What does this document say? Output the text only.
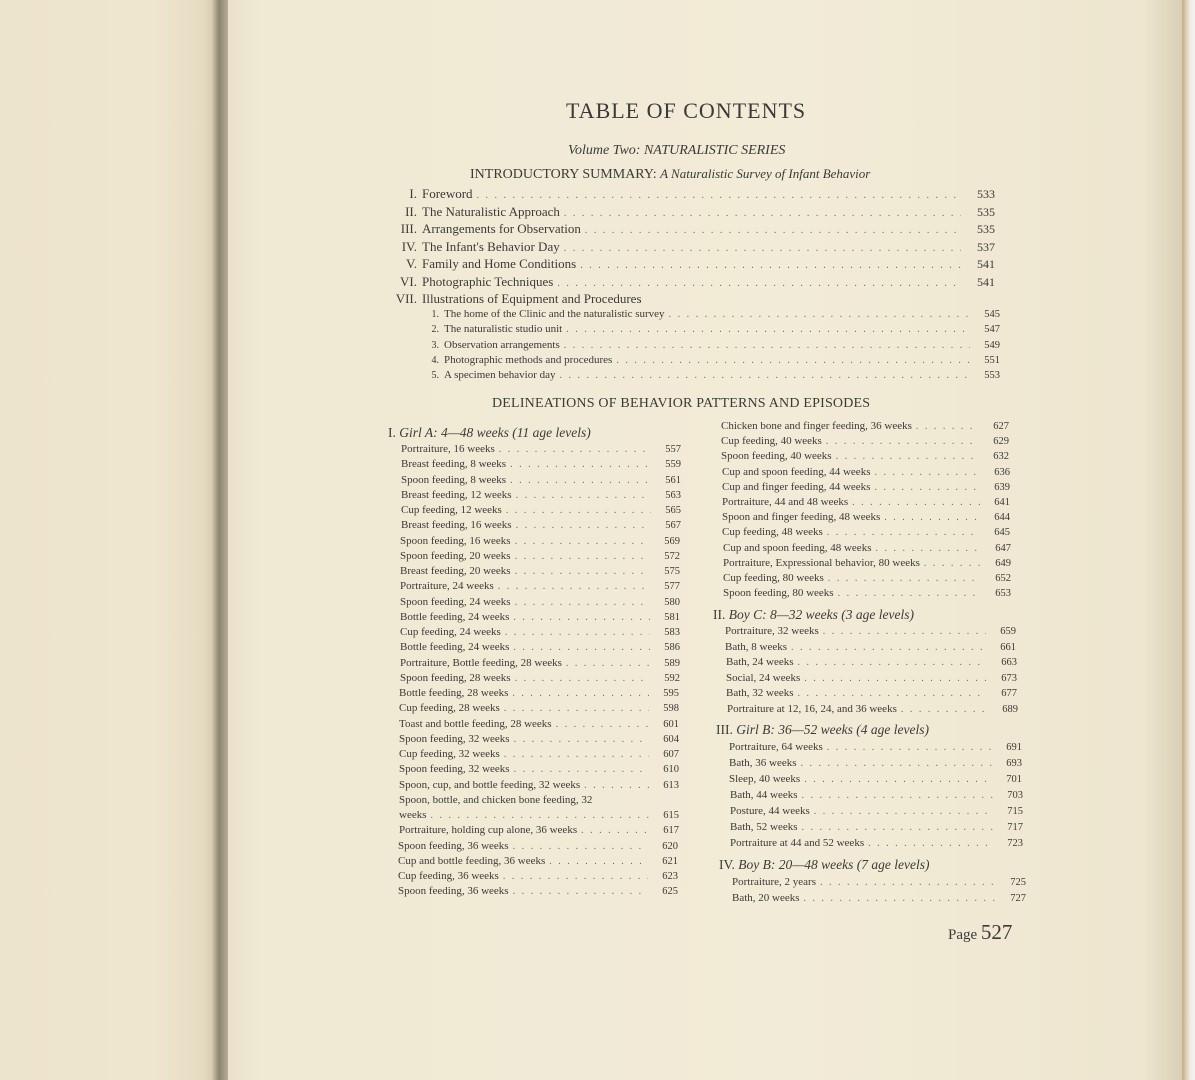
TABLE OF CONTENTS
Volume Two: NATURALISTIC SERIES
INTRODUCTORY SUMMARY: A Naturalistic Survey of Infant Behavior
I. Foreword . . .	533
II. The Naturalistic Approach . . .	535
III. Arrangements for Observation . . .	535
IV. The Infant's Behavior Day . . .	537
V. Family and Home Conditions . . .	541
VI. Photographic Techniques . . .	541
VII. Illustrations of Equipment and Procedures
1. The home of the Clinic and the naturalistic survey . . .	545
2. The naturalistic studio unit . . .	547
3. Observation arrangements . . .	549
4. Photographic methods and procedures . . .	551
5. A specimen behavior day . . .	553
DELINEATIONS OF BEHAVIOR PATTERNS AND EPISODES
I. Girl A: 4—48 weeks (11 age levels)
II. Boy C: 8—32 weeks (3 age levels)
III. Girl B: 36—52 weeks (4 age levels)
IV. Boy B: 20—48 weeks (7 age levels)
Portraiture, 16 weeks . . .	557
Breast feeding, 8 weeks . . .	559
Spoon feeding, 8 weeks . . .	561
Breast feeding, 12 weeks . . .	563
Cup feeding, 12 weeks . . .	565
Breast feeding, 16 weeks . . .	567
Spoon feeding, 16 weeks . . .	569
Spoon feeding, 20 weeks . . .	572
Breast feeding, 20 weeks . . .	575
Portraiture, 24 weeks . . .	577
Spoon feeding, 24 weeks . . .	580
Bottle feeding, 24 weeks . . .	581
Cup feeding, 24 weeks . . .	583
Bottle feeding, 24 weeks . . .	586
Portraiture, Bottle feeding, 28 weeks . . .	589
Spoon feeding, 28 weeks . . .	592
Bottle feeding, 28 weeks . . .	595
Cup feeding, 28 weeks . . .	598
Toast and bottle feeding, 28 weeks . . .	601
Spoon feeding, 32 weeks . . .	604
Cup feeding, 32 weeks . . .	607
Spoon feeding, 32 weeks . . .	610
Spoon, cup, and bottle feeding, 32 weeks . . .	613
Spoon, bottle, and chicken bone feeding, 32
weeks . . .	615
Portraiture, holding cup alone, 36 weeks . . .	617
Spoon feeding, 36 weeks . . .	620
Cup and bottle feeding, 36 weeks . . .	621
Cup feeding, 36 weeks . . .	623
Spoon feeding, 36 weeks . . .	625
Chicken bone and finger feeding, 36 weeks . . .	627
Cup feeding, 40 weeks . . .	629
Spoon feeding, 40 weeks . . .	632
Cup and spoon feeding, 44 weeks . . .	636
Cup and finger feeding, 44 weeks . . .	639
Portraiture, 44 and 48 weeks . . .	641
Spoon and finger feeding, 48 weeks . . .	644
Cup feeding, 48 weeks . . .	645
Cup and spoon feeding, 48 weeks . . .	647
Portraiture, Expressional behavior, 80 weeks . . .	649
Cup feeding, 80 weeks . . .	652
Spoon feeding, 80 weeks . . .	653
Portraiture, 32 weeks . . .	659
Bath, 8 weeks . . .	661
Bath, 24 weeks . . .	663
Social, 24 weeks . . .	673
Bath, 32 weeks . . .	677
Portraiture at 12, 16, 24, and 36 weeks . . .	689
Portraiture, 64 weeks . . .	691
Bath, 36 weeks . . .	693
Sleep, 40 weeks . . .	701
Bath, 44 weeks . . .	703
Posture, 44 weeks . . .	715
Bath, 52 weeks . . .	717
Portraiture at 44 and 52 weeks . . .	723
Portraiture, 2 years . . .	725
Bath, 20 weeks . . .	727
Page 527
